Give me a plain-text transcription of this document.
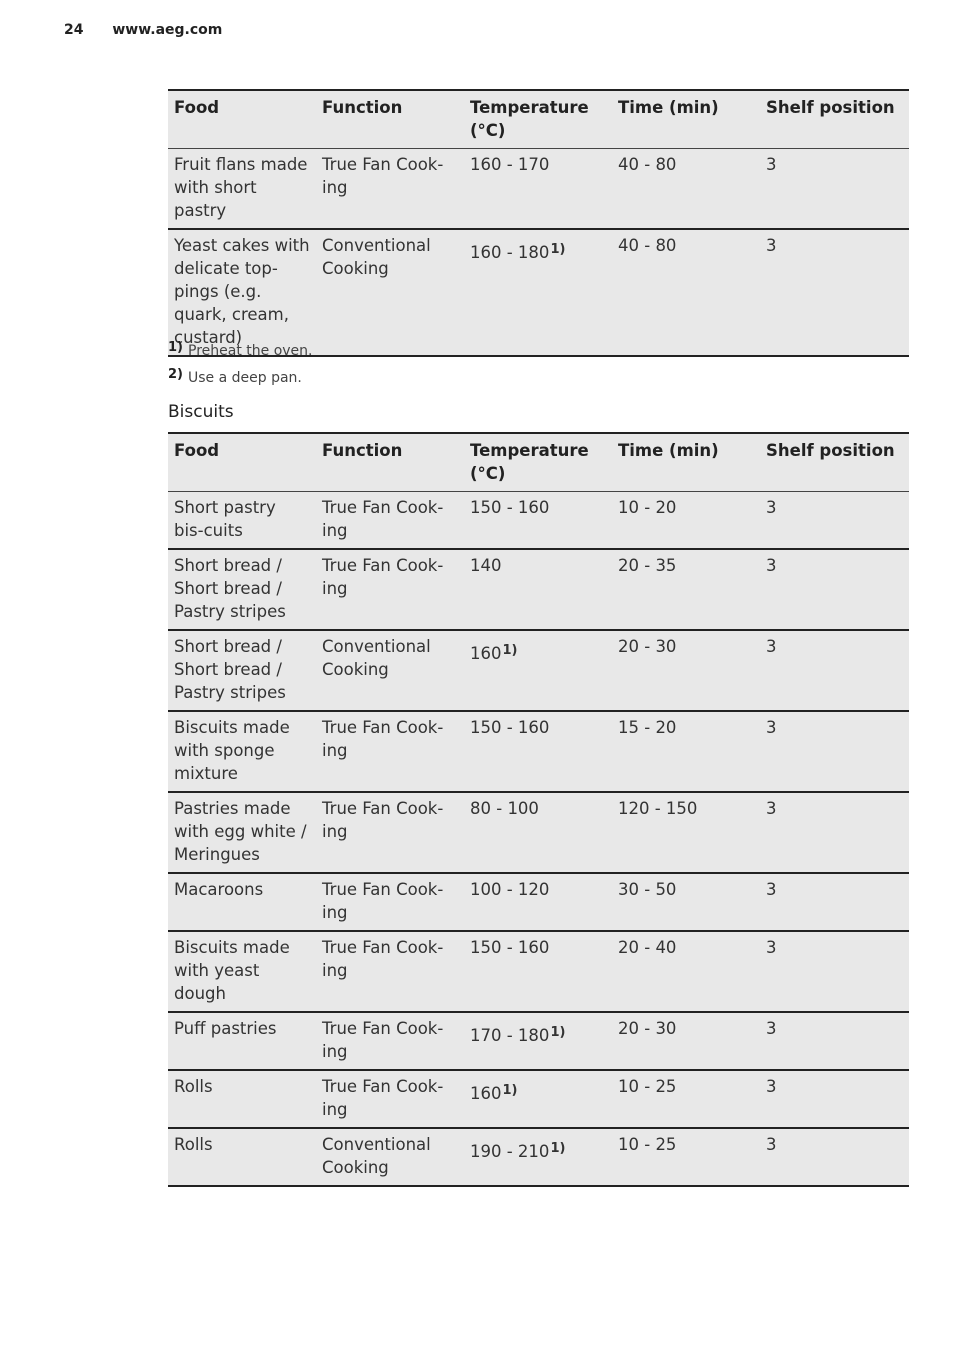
24 www.aeg.com
Food	Function	Temperature (°C)	Time (min)	Shelf position
Fruit flans made with short pastry	True Fan Cook-ing	160 - 170	40 - 80	3
Yeast cakes with delicate top-pings (e.g. quark, cream, custard)	Conventional Cooking	160 - 180$^{1)}$	40 - 80	3
1) Preheat the oven.
2) Use a deep pan.
Biscuits
Food	Function	Temperature (°C)	Time (min)	Shelf position
Short pastry bis-cuits	True Fan Cook-ing	150 - 160	10 - 20	3
Short bread / Short bread / Pastry stripes	True Fan Cook-ing	140	20 - 35	3
Short bread / Short bread / Pastry stripes	Conventional Cooking	160$^{1)}$	20 - 30	3
Biscuits made with sponge mixture	True Fan Cook-ing	150 - 160	15 - 20	3
Pastries made with egg white / Meringues	True Fan Cook-ing	80 - 100	120 - 150	3
Macaroons	True Fan Cook-ing	100 - 120	30 - 50	3
Biscuits made with yeast dough	True Fan Cook-ing	150 - 160	20 - 40	3
Puff pastries	True Fan Cook-ing	170 - 180$^{1)}$	20 - 30	3
Rolls	True Fan Cook-ing	160$^{1)}$	10 - 25	3
Rolls	Conventional Cooking	190 - 210$^{1)}$	10 - 25	3
